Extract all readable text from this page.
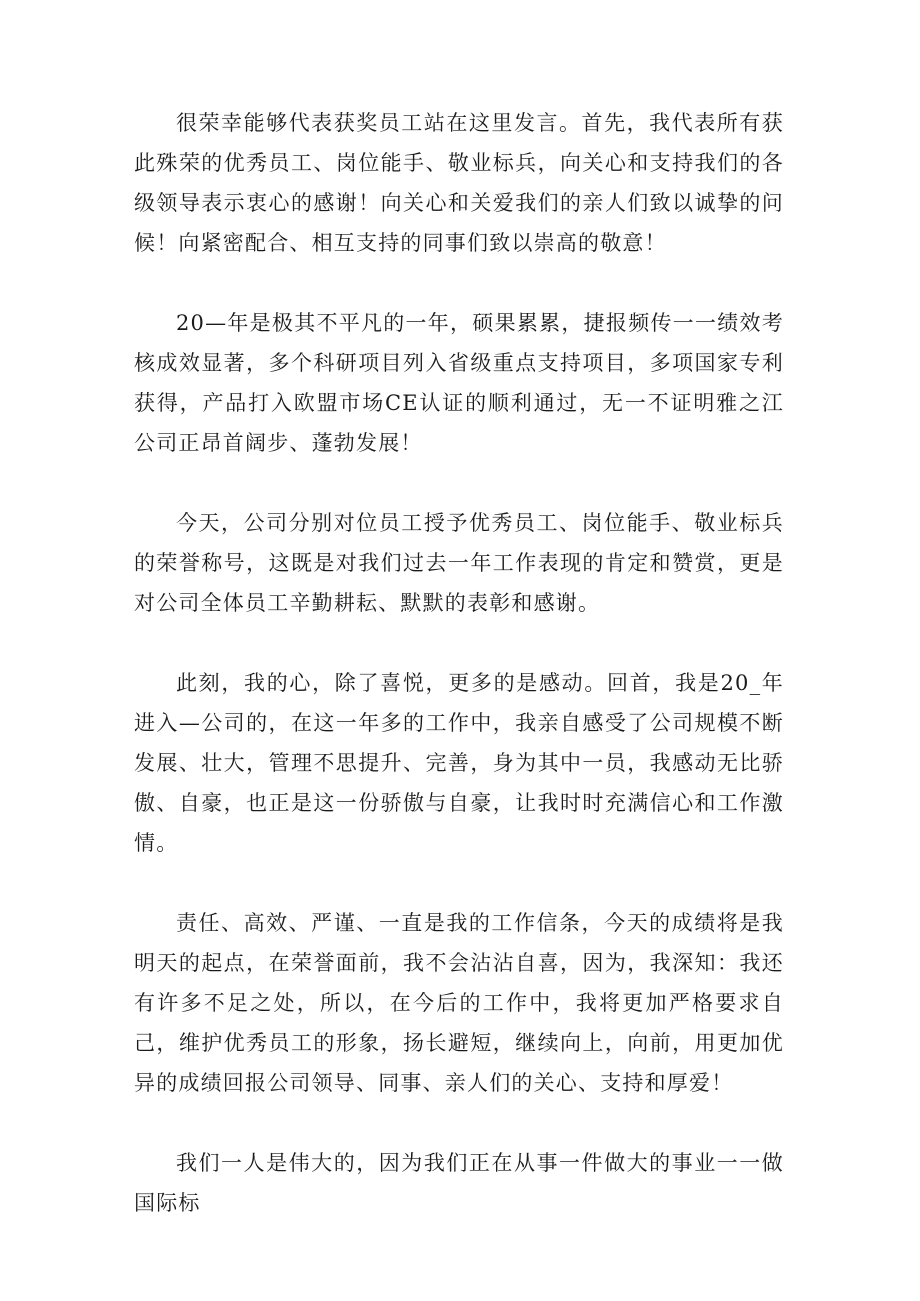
很荣幸能够代表获奖员工站在这里发言。首先，我代表所有获此殊荣的优秀员工、岗位能手、敬业标兵，向关心和支持我们的各级领导表示衷心的感谢！向关心和关爱我们的亲人们致以诚挚的问候！向紧密配合、相互支持的同事们致以崇高的敬意！

20—年是极其不平凡的一年，硕果累累，捷报频传一一绩效考核成效显著，多个科研项目列入省级重点支持项目，多项国家专利获得，产品打入欧盟市场CE认证的顺利通过，无一不证明雅之江公司正昂首阔步、蓬勃发展！

今天，公司分别对位员工授予优秀员工、岗位能手、敬业标兵的荣誉称号，这既是对我们过去一年工作表现的肯定和赞赏，更是对公司全体员工辛勤耕耘、默默的表彰和感谢。

此刻，我的心，除了喜悦，更多的是感动。回首，我是20_年进入—公司的，在这一年多的工作中，我亲自感受了公司规模不断发展、壮大，管理不思提升、完善，身为其中一员，我感动无比骄傲、自豪，也正是这一份骄傲与自豪，让我时时充满信心和工作激情。

责任、高效、严谨、一直是我的工作信条，今天的成绩将是我明天的起点，在荣誉面前，我不会沾沾自喜，因为，我深知：我还有许多不足之处，所以，在今后的工作中，我将更加严格要求自己，维护优秀员工的形象，扬长避短，继续向上，向前，用更加优异的成绩回报公司领导、同事、亲人们的关心、支持和厚爱！

我们一人是伟大的，因为我们正在从事一件做大的事业一一做国际标
